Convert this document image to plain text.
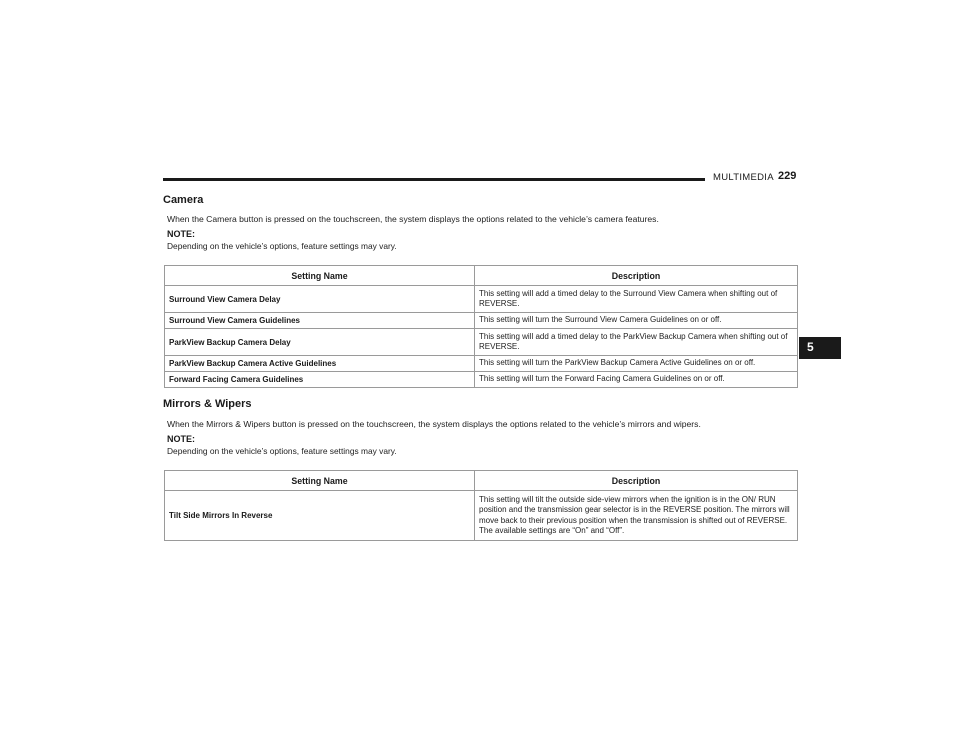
MULTIMEDIA 229
5
Camera
When the Camera button is pressed on the touchscreen, the system displays the options related to the vehicle’s camera features.
NOTE:
Depending on the vehicle’s options, feature settings may vary.
Setting Name	Description
Surround View Camera Delay	This setting will add a timed delay to the Surround View Camera when shifting out of REVERSE.
Surround View Camera Guidelines	This setting will turn the Surround View Camera Guidelines on or off.
ParkView Backup Camera Delay	This setting will add a timed delay to the ParkView Backup Camera when shifting out of REVERSE.
ParkView Backup Camera Active Guidelines	This setting will turn the ParkView Backup Camera Active Guidelines on or off.
Forward Facing Camera Guidelines	This setting will turn the Forward Facing Camera Guidelines on or off.
Mirrors & Wipers
When the Mirrors & Wipers button is pressed on the touchscreen, the system displays the options related to the vehicle’s mirrors and wipers.
NOTE:
Depending on the vehicle’s options, feature settings may vary.
Setting Name	Description
Tilt Side Mirrors In Reverse	This setting will tilt the outside side-view mirrors when the ignition is in the ON/ RUN position and the transmission gear selector is in the REVERSE position. The mirrors will move back to their previous position when the transmission is shifted out of REVERSE. The available settings are “On” and “Off”.
